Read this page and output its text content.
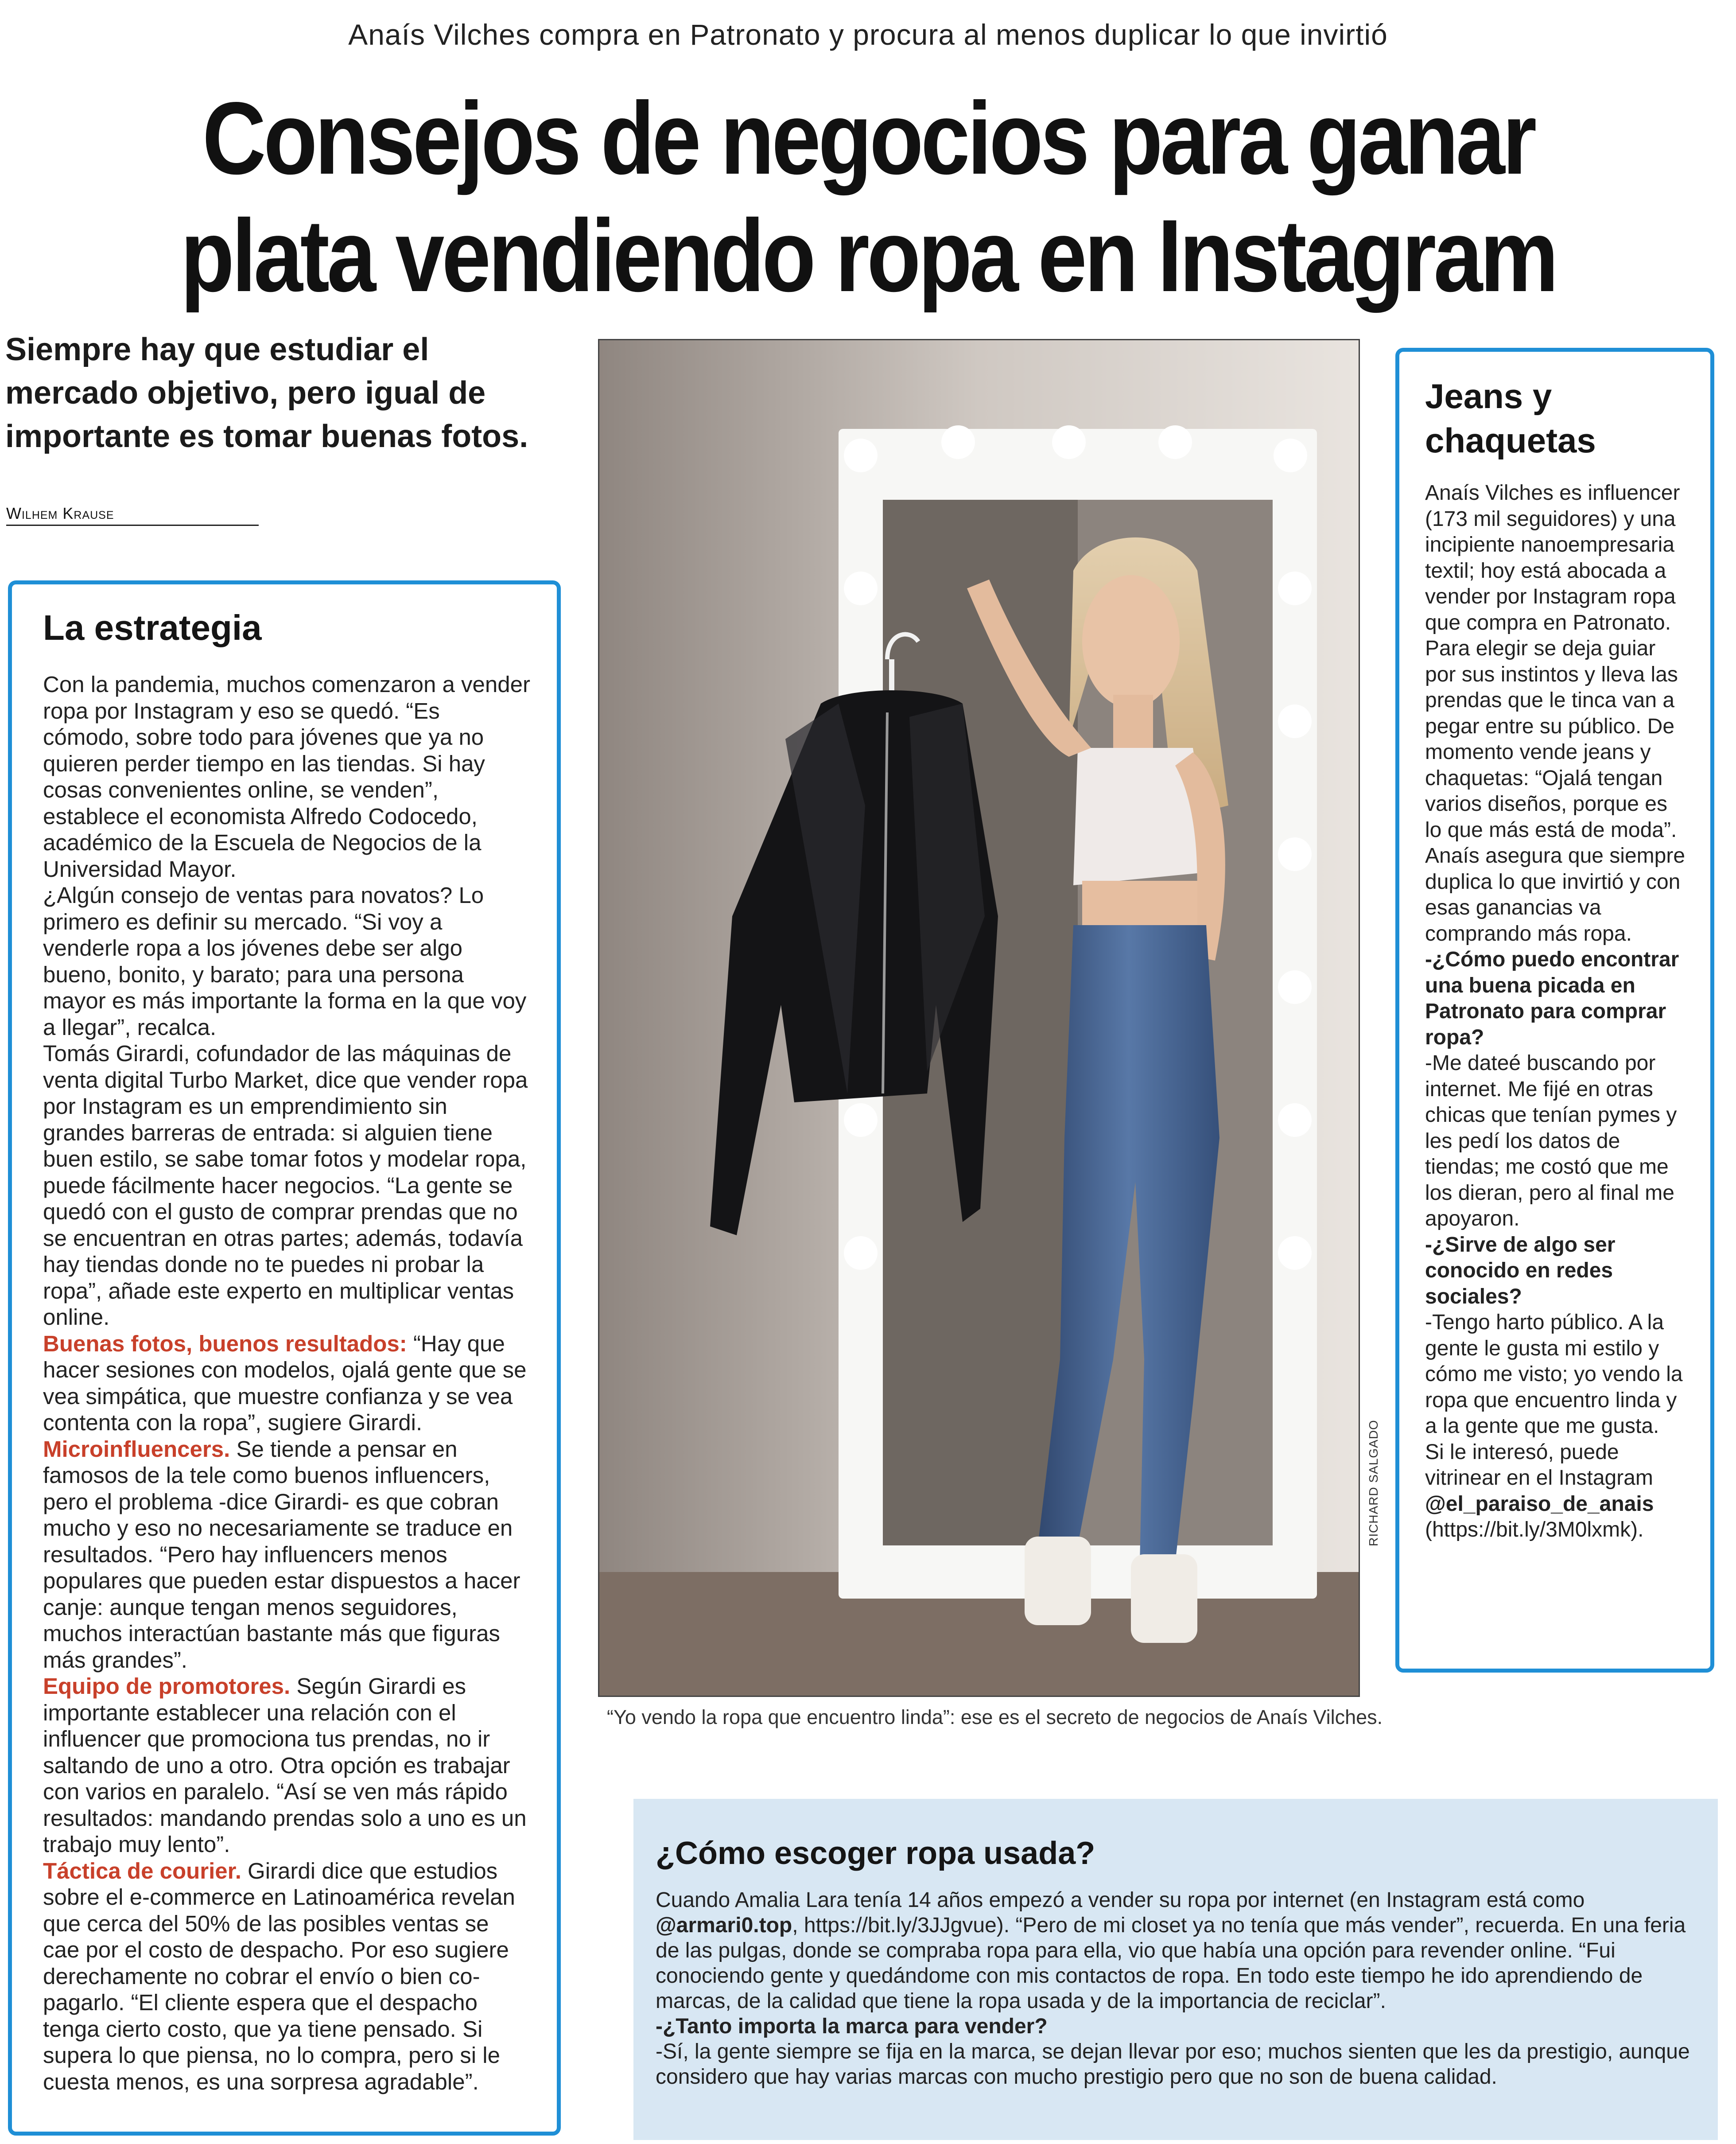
Anaís Vilches compra en Patronato y procura al menos duplicar lo que invirtió
Consejos de negocios para ganar
plata vendiendo ropa en Instagram
Siempre hay que estudiar el mercado objetivo, pero igual de importante es tomar buenas fotos.
Wilhem Krause
La estrategia

Con la pandemia, muchos comenzaron a vender ropa por Instagram y eso se quedó. “Es cómodo, sobre todo para jóvenes que ya no quieren perder tiempo en las tiendas. Si hay cosas convenientes online, se venden”, establece el economista Alfredo Codocedo, académico de la Escuela de Negocios de la Universidad Mayor.

¿Algún consejo de ventas para novatos? Lo primero es definir su mercado. “Si voy a venderle ropa a los jóvenes debe ser algo bueno, bonito, y barato; para una persona mayor es más importante la forma en la que voy a llegar”, recalca.

Tomás Girardi, cofundador de las máquinas de venta digital Turbo Market, dice que vender ropa por Instagram es un emprendimiento sin grandes barreras de entrada: si alguien tiene buen estilo, se sabe tomar fotos y modelar ropa, puede fácilmente hacer negocios. “La gente se quedó con el gusto de comprar prendas que no se encuentran en otras partes; además, todavía hay tiendas donde no te puedes ni probar la ropa”, añade este experto en multiplicar ventas online.

Buenas fotos, buenos resultados: “Hay que hacer sesiones con modelos, ojalá gente que se vea simpática, que muestre confianza y se vea contenta con la ropa”, sugiere Girardi.

Microinfluencers. Se tiende a pensar en famosos de la tele como buenos influencers, pero el problema -dice Girardi- es que cobran mucho y eso no necesariamente se traduce en resultados. “Pero hay influencers menos populares que pueden estar dispuestos a hacer canje: aunque tengan menos seguidores, muchos interactúan bastante más que figuras más grandes”.

Equipo de promotores. Según Girardi es importante establecer una relación con el influencer que promociona tus prendas, no ir saltando de uno a otro. Otra opción es trabajar con varios en paralelo. “Así se ven más rápido resultados: mandando prendas solo a uno es un trabajo muy lento”.

Táctica de courier. Girardi dice que estudios sobre el e-commerce en Latinoamérica revelan que cerca del 50% de las posibles ventas se cae por el costo de despacho. Por eso sugiere derechamente no cobrar el envío o bien co-pagarlo. “El cliente espera que el despacho tenga cierto costo, que ya tiene pensado. Si supera lo que piensa, no lo compra, pero si le cuesta menos, es una sorpresa agradable”.

RICHARD SALGADO
“Yo vendo la ropa que encuentro linda”: ese es el secreto de negocios de Anaís Vilches.
Jeans y chaquetas

Anaís Vilches es influencer (173 mil seguidores) y una incipiente nanoempresaria textil; hoy está abocada a vender por Instagram ropa que compra en Patronato. Para elegir se deja guiar por sus instintos y lleva las prendas que le tinca van a pegar entre su público. De momento vende jeans y chaquetas: “Ojalá tengan varios diseños, porque es lo que más está de moda”.

Anaís asegura que siempre duplica lo que invirtió y con esas ganancias va comprando más ropa.

-¿Cómo puedo encontrar una buena picada en Patronato para comprar ropa?

-Me dateé buscando por internet. Me fijé en otras chicas que tenían pymes y les pedí los datos de tiendas; me costó que me los dieran, pero al final me apoyaron.

-¿Sirve de algo ser conocido en redes sociales?

-Tengo harto público. A la gente le gusta mi estilo y cómo me visto; yo vendo la ropa que encuentro linda y a la gente que me gusta.

Si le interesó, puede vitrinear en el Instagram

@el_paraiso_de_anais

(https://bit.ly/3M0lxmk).

¿Cómo escoger ropa usada?

Cuando Amalia Lara tenía 14 años empezó a vender su ropa por internet (en Instagram está como
@armari0.top, https://bit.ly/3JJgvue). “Pero de mi closet ya no tenía que más vender”, recuerda. En una feria de las pulgas, donde se compraba ropa para ella, vio que había una opción para revender online. “Fui conociendo gente y quedándome con mis contactos de ropa. En todo este tiempo he ido aprendiendo de marcas, de la calidad que tiene la ropa usada y de la importancia de reciclar”.

-¿Tanto importa la marca para vender?

-Sí, la gente siempre se fija en la marca, se dejan llevar por eso; muchos sienten que les da prestigio, aunque considero que hay varias marcas con mucho prestigio pero que no son de buena calidad.
